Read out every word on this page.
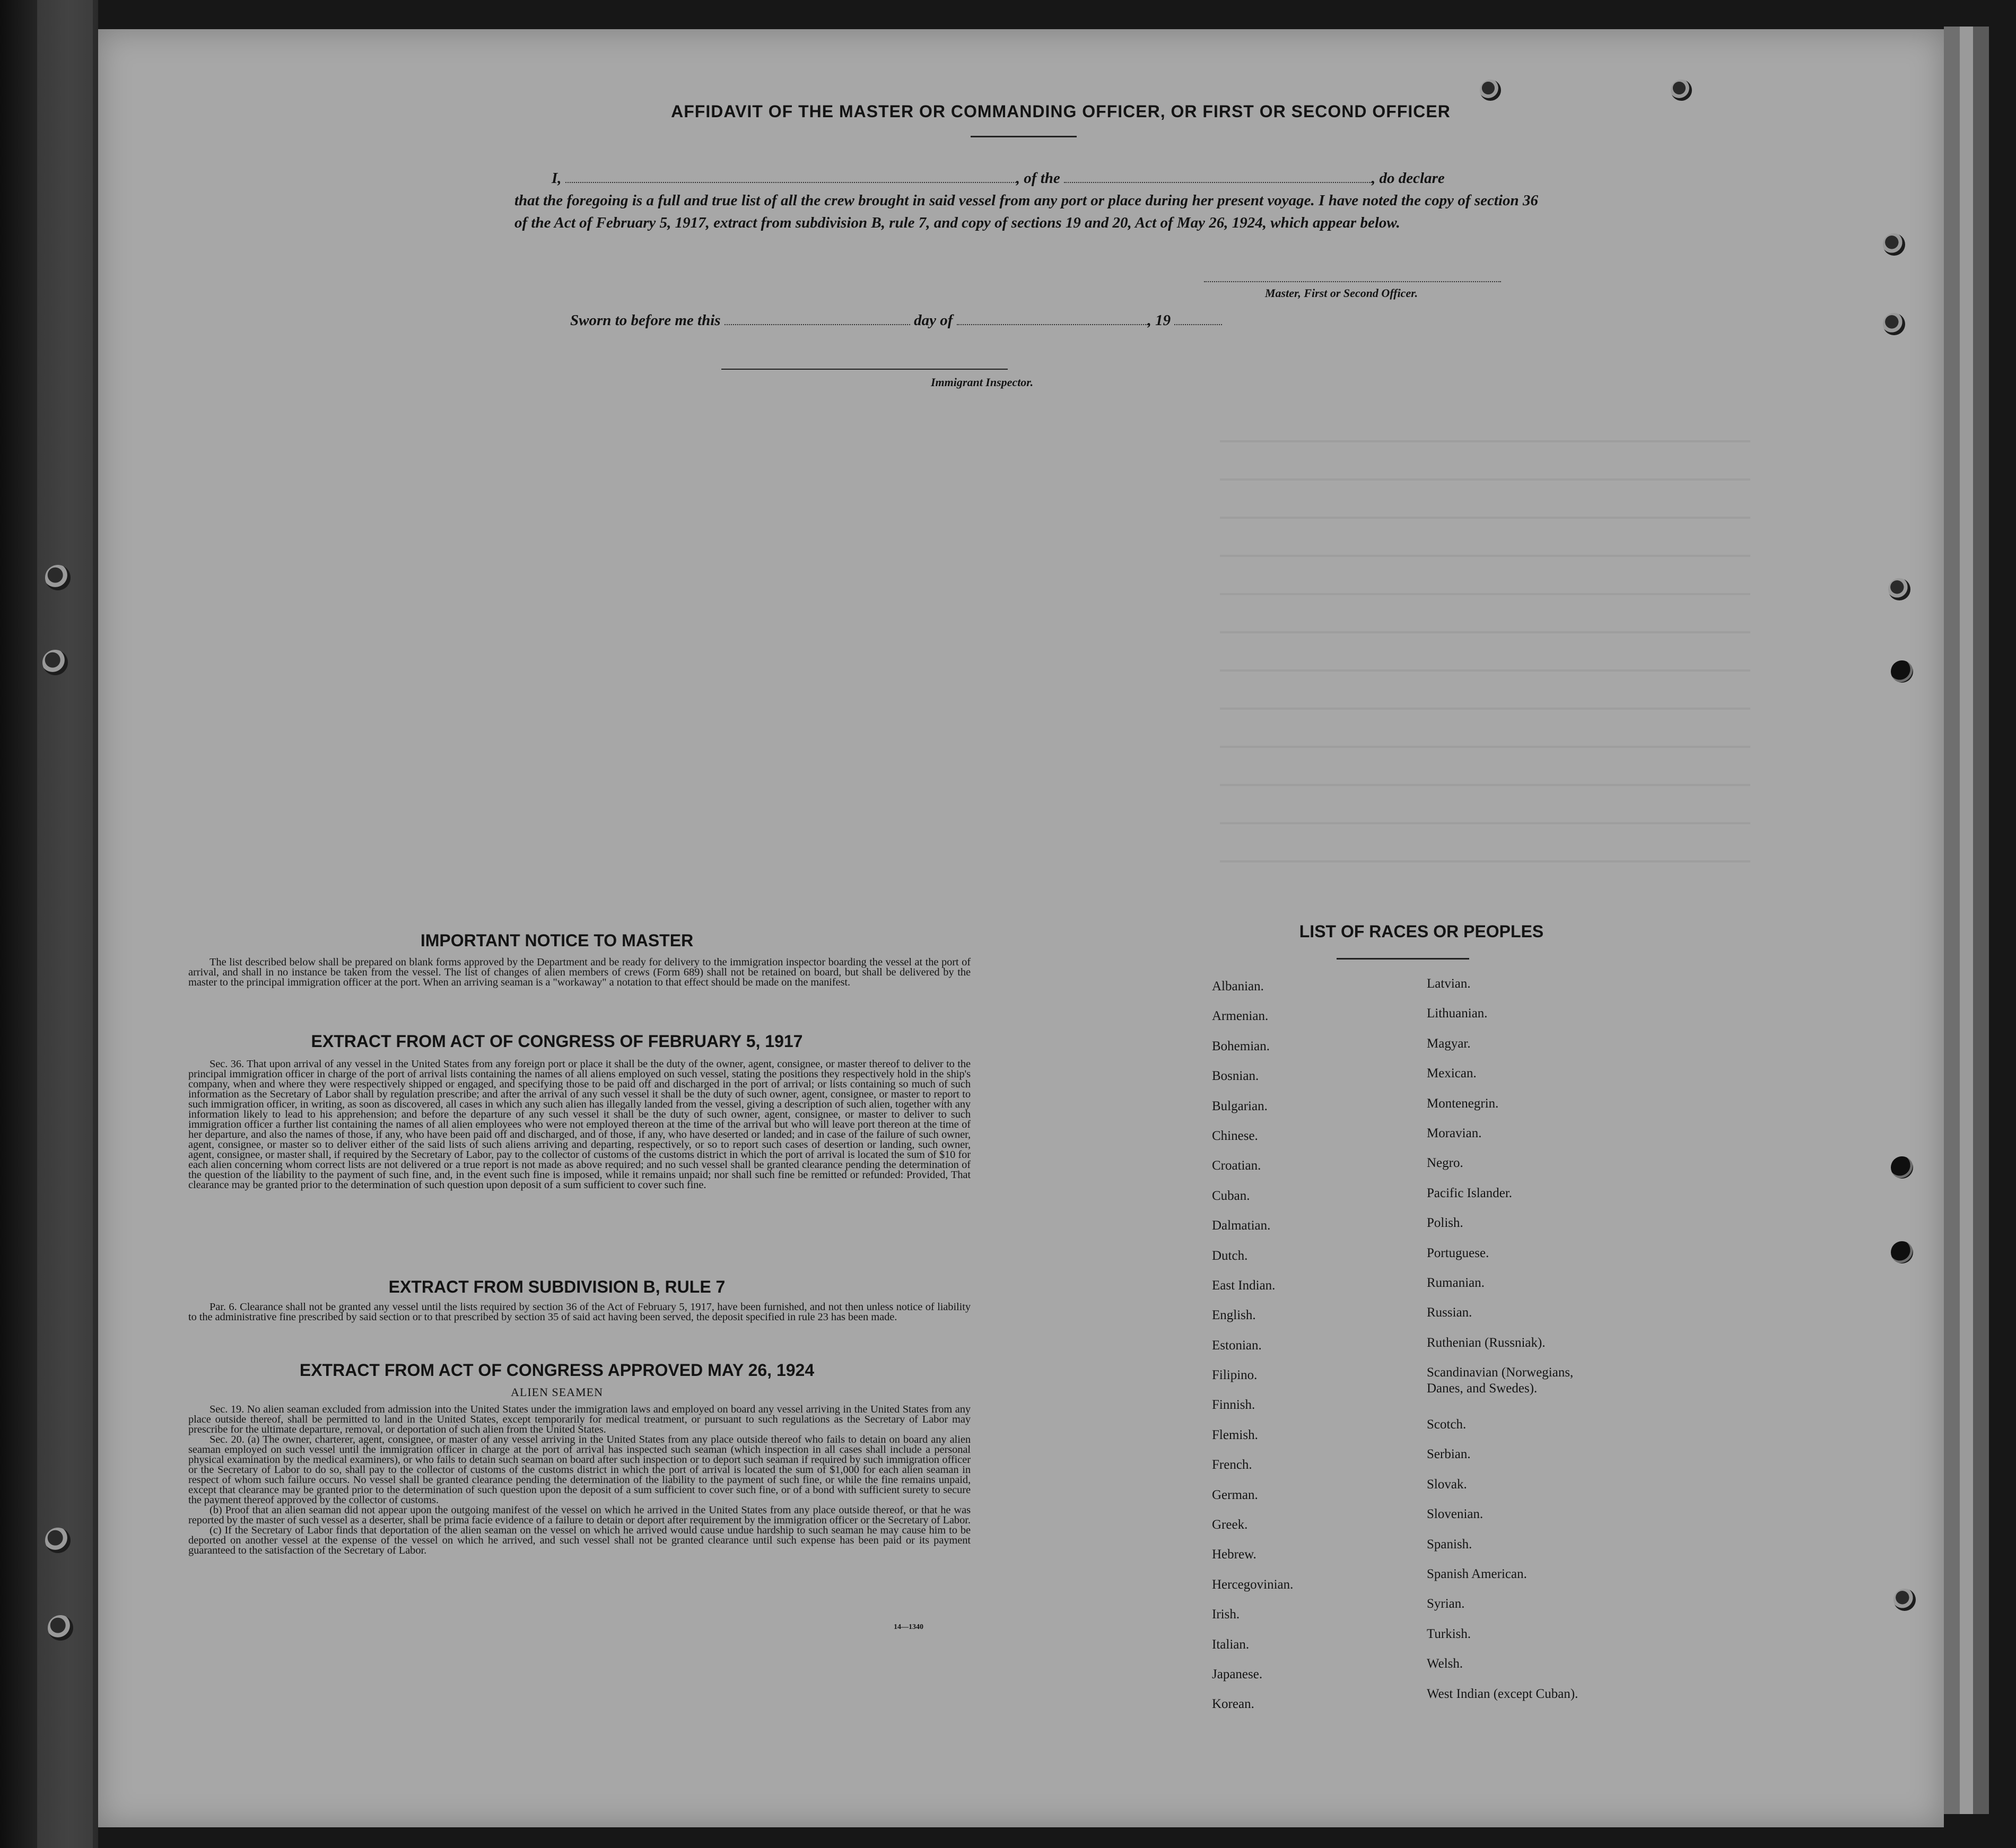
AFFIDAVIT OF THE MASTER OR COMMANDING OFFICER, OR FIRST OR SECOND OFFICER
I,	, of the	, do declare
that the foregoing is a full and true list of all the crew brought in said vessel from any port or place during her present voyage. I have noted the copy of section 36 of the Act of February 5, 1917, extract from subdivision B, rule 7, and copy of sections 19 and 20, Act of May 26, 1924, which appear below.
Master, First or Second Officer.
Sworn to before me this	day of	, 19
Immigrant Inspector.
IMPORTANT NOTICE TO MASTER

The list described below shall be prepared on blank forms approved by the Department and be ready for delivery to the immigration inspector boarding the vessel at the port of arrival, and shall in no instance be taken from the vessel. The list of changes of alien members of crews (Form 689) shall not be retained on board, but shall be delivered by the master to the principal immigration officer at the port. When an arriving seaman is a "workaway" a notation to that effect should be made on the manifest.

EXTRACT FROM ACT OF CONGRESS OF FEBRUARY 5, 1917

Sec. 36. That upon arrival of any vessel in the United States from any foreign port or place it shall be the duty of the owner, agent, consignee, or master thereof to deliver to the principal immigration officer in charge of the port of arrival lists containing the names of all aliens employed on such vessel, stating the positions they respectively hold in the ship's company, when and where they were respectively shipped or engaged, and specifying those to be paid off and discharged in the port of arrival; or lists containing so much of such information as the Secretary of Labor shall by regulation prescribe; and after the arrival of any such vessel it shall be the duty of such owner, agent, consignee, or master to report to such immigration officer, in writing, as soon as discovered, all cases in which any such alien has illegally landed from the vessel, giving a description of such alien, together with any information likely to lead to his apprehension; and before the departure of any such vessel it shall be the duty of such owner, agent, consignee, or master to deliver to such immigration officer a further list containing the names of all alien employees who were not employed thereon at the time of the arrival but who will leave port thereon at the time of her departure, and also the names of those, if any, who have been paid off and discharged, and of those, if any, who have deserted or landed; and in case of the failure of such owner, agent, consignee, or master so to deliver either of the said lists of such aliens arriving and departing, respectively, or so to report such cases of desertion or landing, such owner, agent, consignee, or master shall, if required by the Secretary of Labor, pay to the collector of customs of the customs district in which the port of arrival is located the sum of $10 for each alien concerning whom correct lists are not delivered or a true report is not made as above required; and no such vessel shall be granted clearance pending the determination of the question of the liability to the payment of such fine, and, in the event such fine is imposed, while it remains unpaid; nor shall such fine be remitted or refunded: Provided, That clearance may be granted prior to the determination of such question upon deposit of a sum sufficient to cover such fine.

EXTRACT FROM SUBDIVISION B, RULE 7

Par. 6. Clearance shall not be granted any vessel until the lists required by section 36 of the Act of February 5, 1917, have been furnished, and not then unless notice of liability to the administrative fine prescribed by said section or to that prescribed by section 35 of said act having been served, the deposit specified in rule 23 has been made.

EXTRACT FROM ACT OF CONGRESS APPROVED MAY 26, 1924
ALIEN SEAMEN

Sec. 19. No alien seaman excluded from admission into the United States under the immigration laws and employed on board any vessel arriving in the United States from any place outside thereof, shall be permitted to land in the United States, except temporarily for medical treatment, or pursuant to such regulations as the Secretary of Labor may prescribe for the ultimate departure, removal, or deportation of such alien from the United States.

Sec. 20. (a) The owner, charterer, agent, consignee, or master of any vessel arriving in the United States from any place outside thereof who fails to detain on board any alien seaman employed on such vessel until the immigration officer in charge at the port of arrival has inspected such seaman (which inspection in all cases shall include a personal physical examination by the medical examiners), or who fails to detain such seaman on board after such inspection or to deport such seaman if required by such immigration officer or the Secretary of Labor to do so, shall pay to the collector of customs of the customs district in which the port of arrival is located the sum of $1,000 for each alien seaman in respect of whom such failure occurs. No vessel shall be granted clearance pending the determination of the liability to the payment of such fine, or while the fine remains unpaid, except that clearance may be granted prior to the determination of such question upon the deposit of a sum sufficient to cover such fine, or of a bond with sufficient surety to secure the payment thereof approved by the collector of customs.

(b) Proof that an alien seaman did not appear upon the outgoing manifest of the vessel on which he arrived in the United States from any place outside thereof, or that he was reported by the master of such vessel as a deserter, shall be prima facie evidence of a failure to detain or deport after requirement by the immigration officer or the Secretary of Labor.

(c) If the Secretary of Labor finds that deportation of the alien seaman on the vessel on which he arrived would cause undue hardship to such seaman he may cause him to be deported on another vessel at the expense of the vessel on which he arrived, and such vessel shall not be granted clearance until such expense has been paid or its payment guaranteed to the satisfaction of the Secretary of Labor.

14—1340
LIST OF RACES OR PEOPLES
Albanian.
Armenian.
Bohemian.
Bosnian.
Bulgarian.
Chinese.
Croatian.
Cuban.
Dalmatian.
Dutch.
East Indian.
English.
Estonian.
Filipino.
Finnish.
Flemish.
French.
German.
Greek.
Hebrew.
Hercegovinian.
Irish.
Italian.
Japanese.
Korean.
Latvian.
Lithuanian.
Magyar.
Mexican.
Montenegrin.
Moravian.
Negro.
Pacific Islander.
Polish.
Portuguese.
Rumanian.
Russian.
Ruthenian (Russniak).
Scandinavian (Norwegians, Danes, and Swedes).
Scotch.
Serbian.
Slovak.
Slovenian.
Spanish.
Spanish American.
Syrian.
Turkish.
Welsh.
West Indian (except Cuban).
